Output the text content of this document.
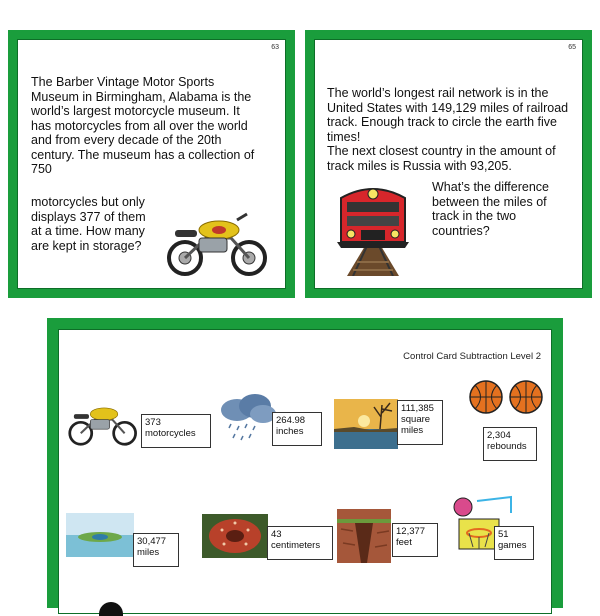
63

The Barber Vintage Motor Sports Museum in Birmingham, Alabama is the world’s largest motorcycle museum. It has motorcycles from all over the world and from every decade of the 20th century. The museum has a collection of 750

motorcycles but only displays 377 of them at a time. How many are kept in storage?

65

The world’s longest rail network is in the United States with 149,129 miles of railroad track. Enough track to circle the earth five times!

The next closest country in the amount of track miles is Russia with 93,205.

What’s the difference between the miles of track in the two countries?

Control Card Subtraction Level 2
373
motorcycles
264.98
inches
111,385
square miles	2,304
rebounds
30,477
miles
43
centimeters
12,377
feet
51
games
